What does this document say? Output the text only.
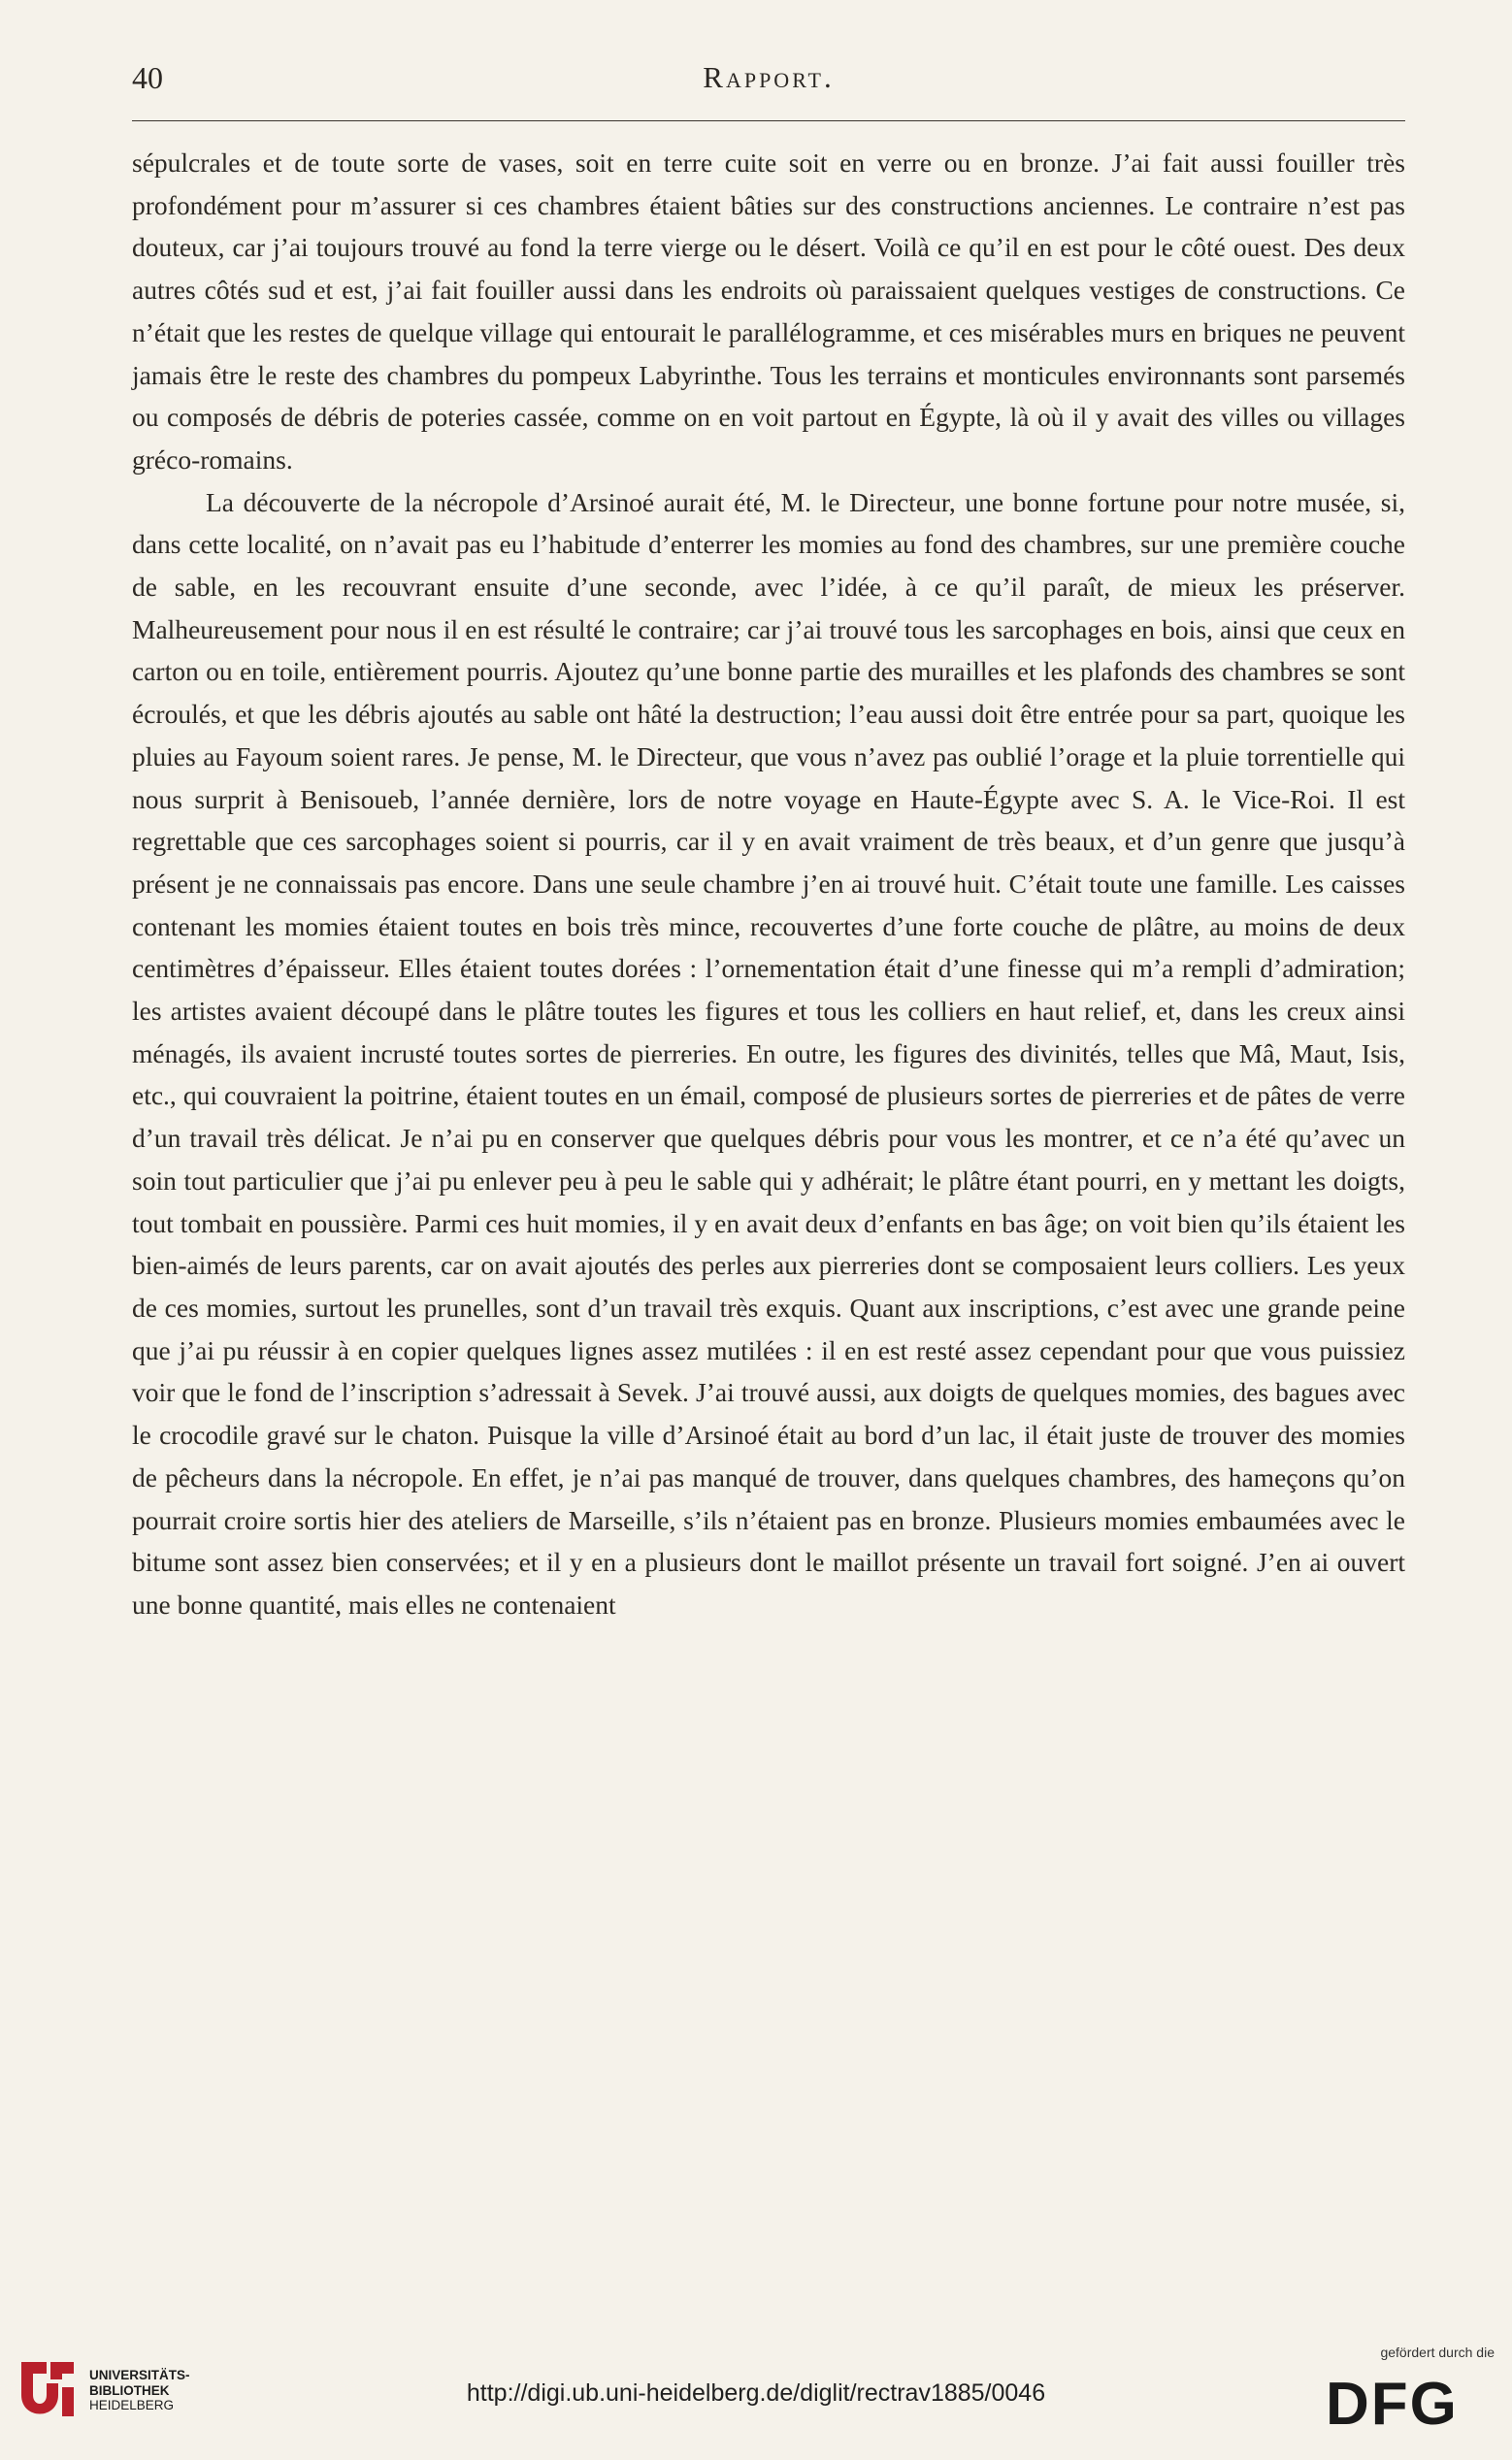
40	Rapport.

sépulcrales et de toute sorte de vases, soit en terre cuite soit en verre ou en bronze. J’ai fait aussi fouiller très profondément pour m’assurer si ces chambres étaient bâties sur des constructions anciennes. Le contraire n’est pas douteux, car j’ai toujours trouvé au fond la terre vierge ou le désert. Voilà ce qu’il en est pour le côté ouest. Des deux autres côtés sud et est, j’ai fait fouiller aussi dans les endroits où paraissaient quelques vestiges de constructions. Ce n’était que les restes de quelque village qui entourait le parallélogramme, et ces misérables murs en briques ne peuvent jamais être le reste des chambres du pompeux Labyrinthe. Tous les terrains et monticules environnants sont parsemés ou composés de débris de poteries cassée, comme on en voit partout en Égypte, là où il y avait des villes ou villages gréco-romains.

La découverte de la nécropole d’Arsinoé aurait été, M. le Directeur, une bonne fortune pour notre musée, si, dans cette localité, on n’avait pas eu l’habitude d’enterrer les momies au fond des chambres, sur une première couche de sable, en les recouvrant ensuite d’une seconde, avec l’idée, à ce qu’il paraît, de mieux les préserver. Malheureusement pour nous il en est résulté le contraire; car j’ai trouvé tous les sarcophages en bois, ainsi que ceux en carton ou en toile, entièrement pourris. Ajoutez qu’une bonne partie des murailles et les plafonds des chambres se sont écroulés, et que les débris ajoutés au sable ont hâté la destruction; l’eau aussi doit être entrée pour sa part, quoique les pluies au Fayoum soient rares. Je pense, M. le Directeur, que vous n’avez pas oublié l’orage et la pluie torrentielle qui nous surprit à Benisoueb, l’année dernière, lors de notre voyage en Haute-Égypte avec S. A. le Vice-Roi. Il est regrettable que ces sarcophages soient si pourris, car il y en avait vraiment de très beaux, et d’un genre que jusqu’à présent je ne connaissais pas encore. Dans une seule chambre j’en ai trouvé huit. C’était toute une famille. Les caisses contenant les momies étaient toutes en bois très mince, recouvertes d’une forte couche de plâtre, au moins de deux centimètres d’épaisseur. Elles étaient toutes dorées : l’ornementation était d’une finesse qui m’a rempli d’admiration; les artistes avaient découpé dans le plâtre toutes les figures et tous les colliers en haut relief, et, dans les creux ainsi ménagés, ils avaient incrusté toutes sortes de pierreries. En outre, les figures des divinités, telles que Mâ, Maut, Isis, etc., qui couvraient la poitrine, étaient toutes en un émail, composé de plusieurs sortes de pierreries et de pâtes de verre d’un travail très délicat. Je n’ai pu en conserver que quelques débris pour vous les montrer, et ce n’a été qu’avec un soin tout particulier que j’ai pu enlever peu à peu le sable qui y adhérait; le plâtre étant pourri, en y mettant les doigts, tout tombait en poussière. Parmi ces huit momies, il y en avait deux d’enfants en bas âge; on voit bien qu’ils étaient les bien-aimés de leurs parents, car on avait ajoutés des perles aux pierreries dont se composaient leurs colliers. Les yeux de ces momies, surtout les prunelles, sont d’un travail très exquis. Quant aux inscriptions, c’est avec une grande peine que j’ai pu réussir à en copier quelques lignes assez mutilées : il en est resté assez cependant pour que vous puissiez voir que le fond de l’inscription s’adressait à Sevek. J’ai trouvé aussi, aux doigts de quelques momies, des bagues avec le crocodile gravé sur le chaton. Puisque la ville d’Arsinoé était au bord d’un lac, il était juste de trouver des momies de pêcheurs dans la nécropole. En effet, je n’ai pas manqué de trouver, dans quelques chambres, des hameçons qu’on pourrait croire sortis hier des ateliers de Marseille, s’ils n’étaient pas en bronze. Plusieurs momies embaumées avec le bitume sont assez bien conservées; et il y en a plusieurs dont le maillot présente un travail fort soigné. J’en ai ouvert une bonne quantité, mais elles ne contenaient

UNIVERSITÄTS-
BIBLIOTHEK
HEIDELBERG	http://digi.ub.uni-heidelberg.de/diglit/rectrav1885/0046
gefördert durch die
DFG
